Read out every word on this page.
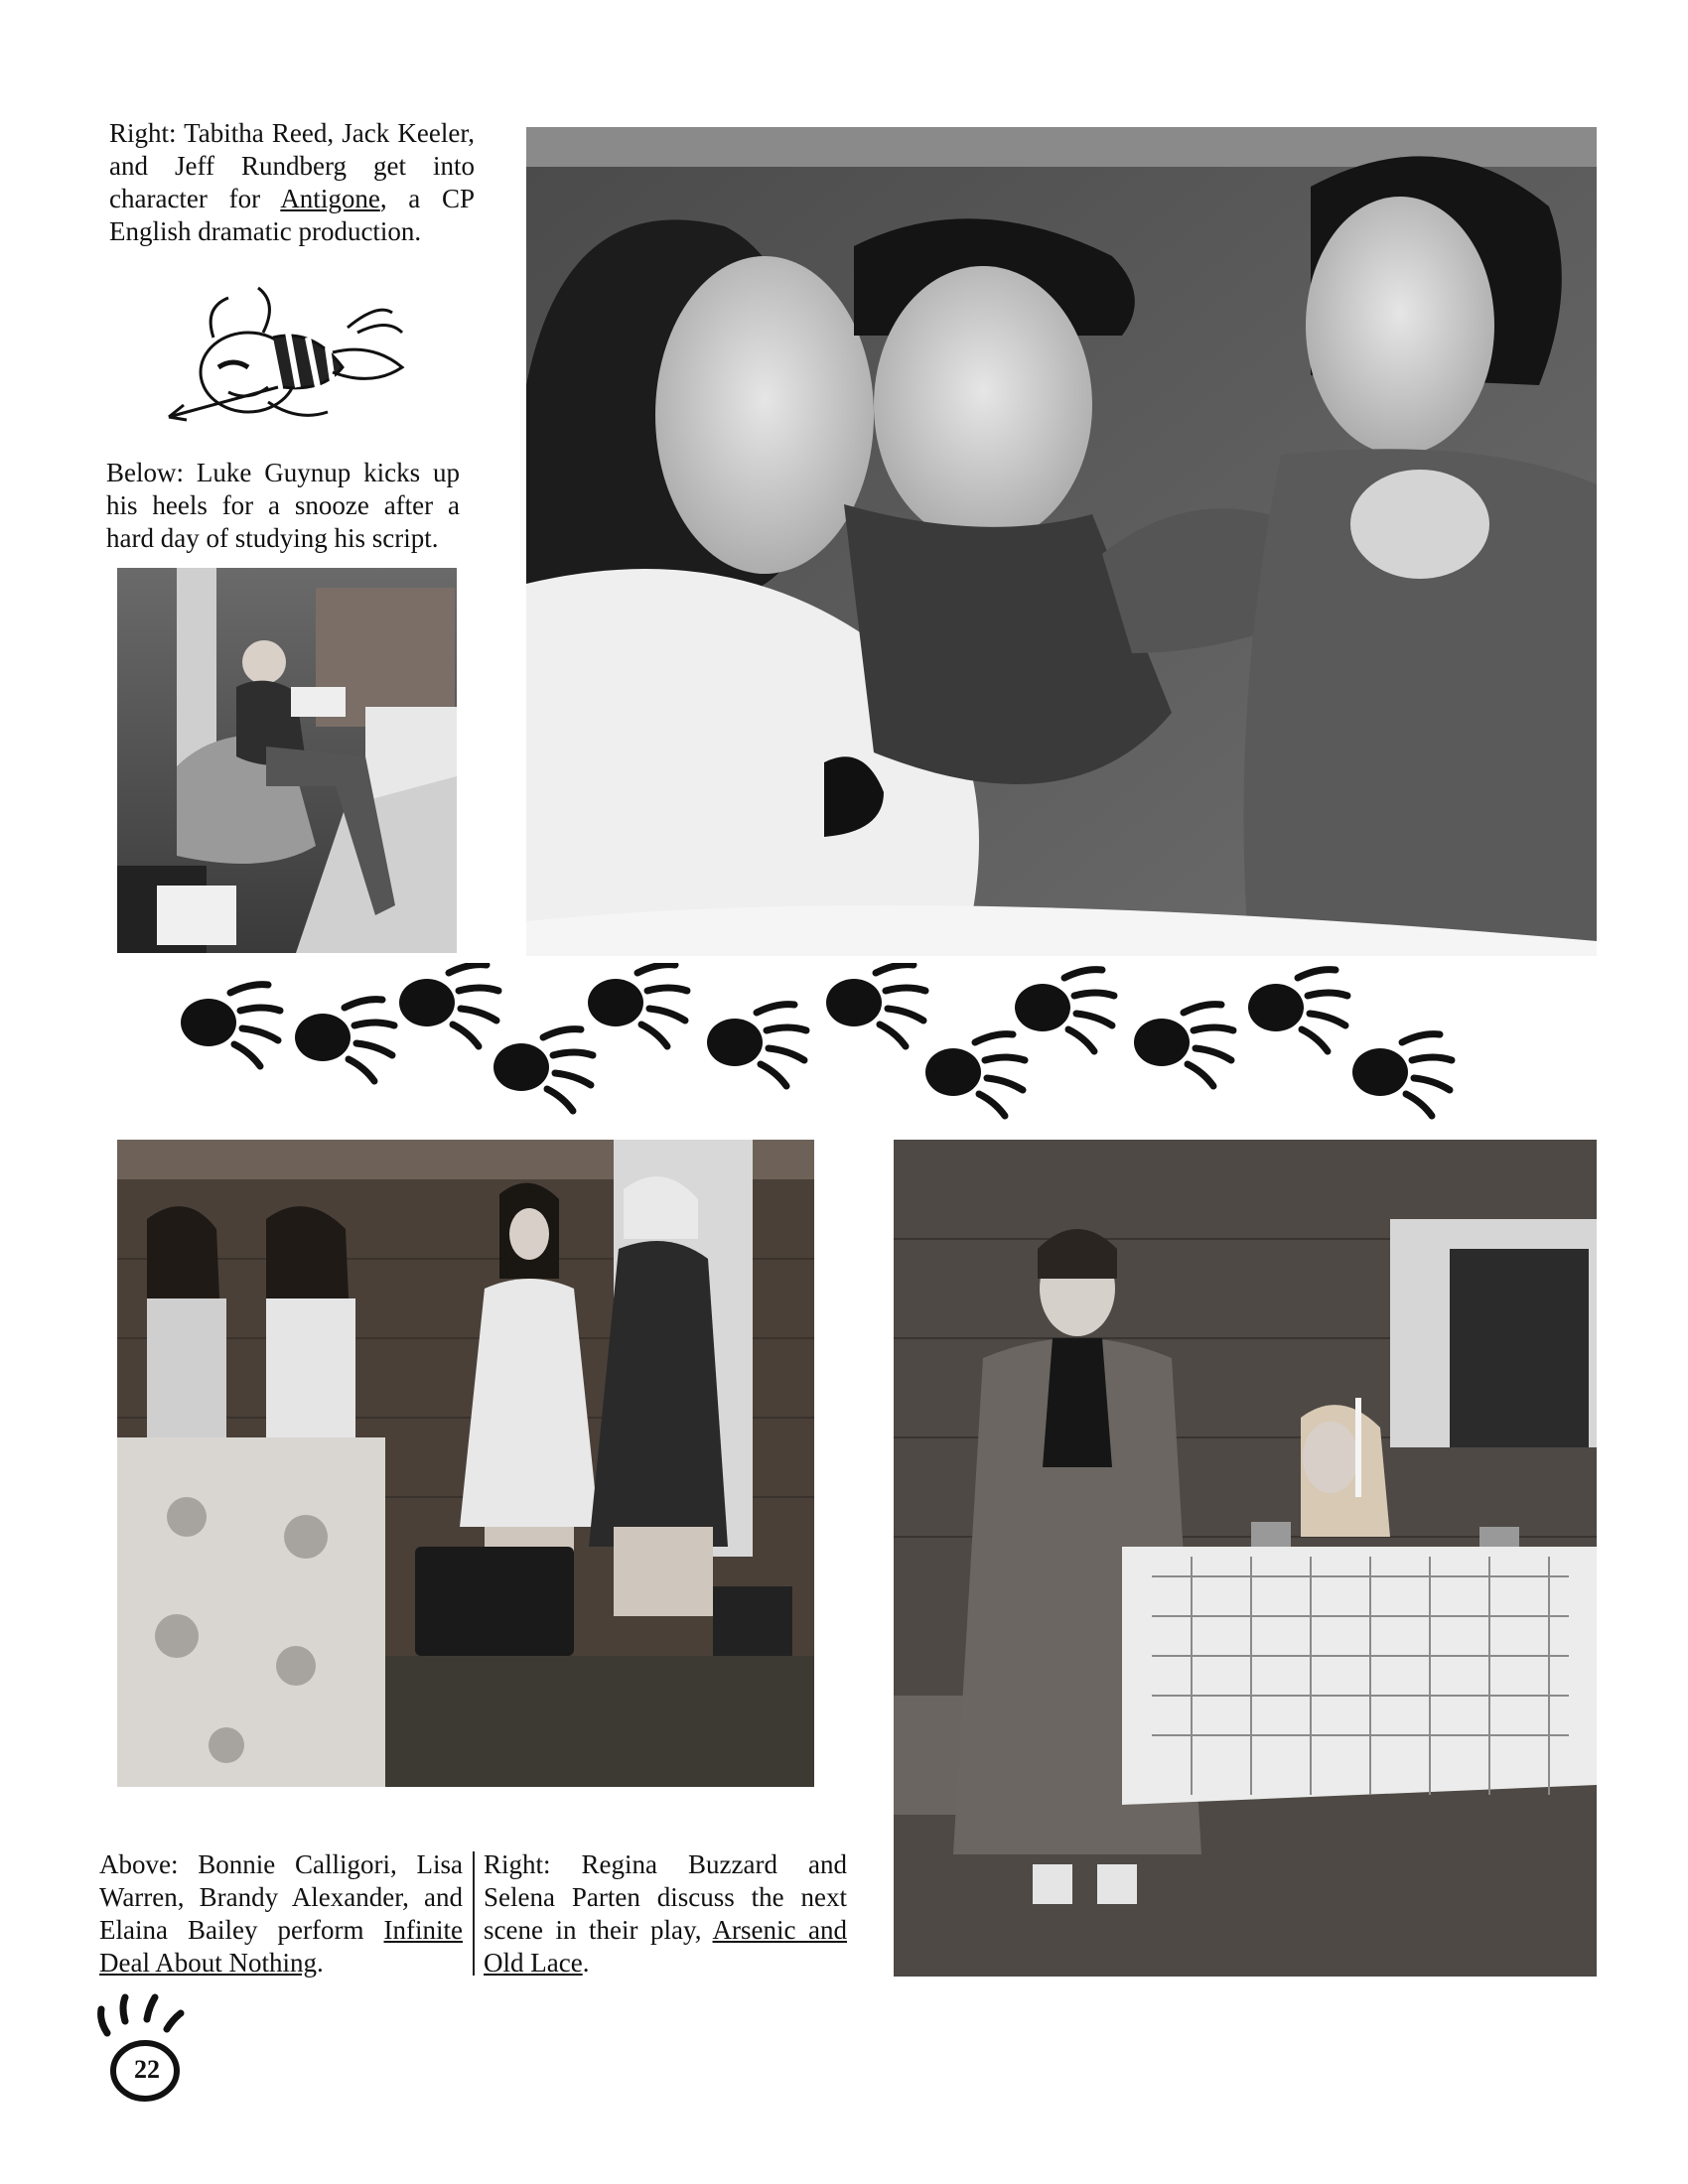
Right: Tabitha Reed, Jack Keeler, and Jeff Rundberg get into character for Antigone, a CP English dramatic production.
Below: Luke Guynup kicks up his heels for a snooze after a hard day of studying his script.
Above: Bonnie Calligori, Lisa Warren, Brandy Alexander, and Elaina Bailey perform Infinite Deal About Nothing.
Right: Regina Buzzard and Selena Parten discuss the next scene in their play, Arsenic and Old Lace.
22
